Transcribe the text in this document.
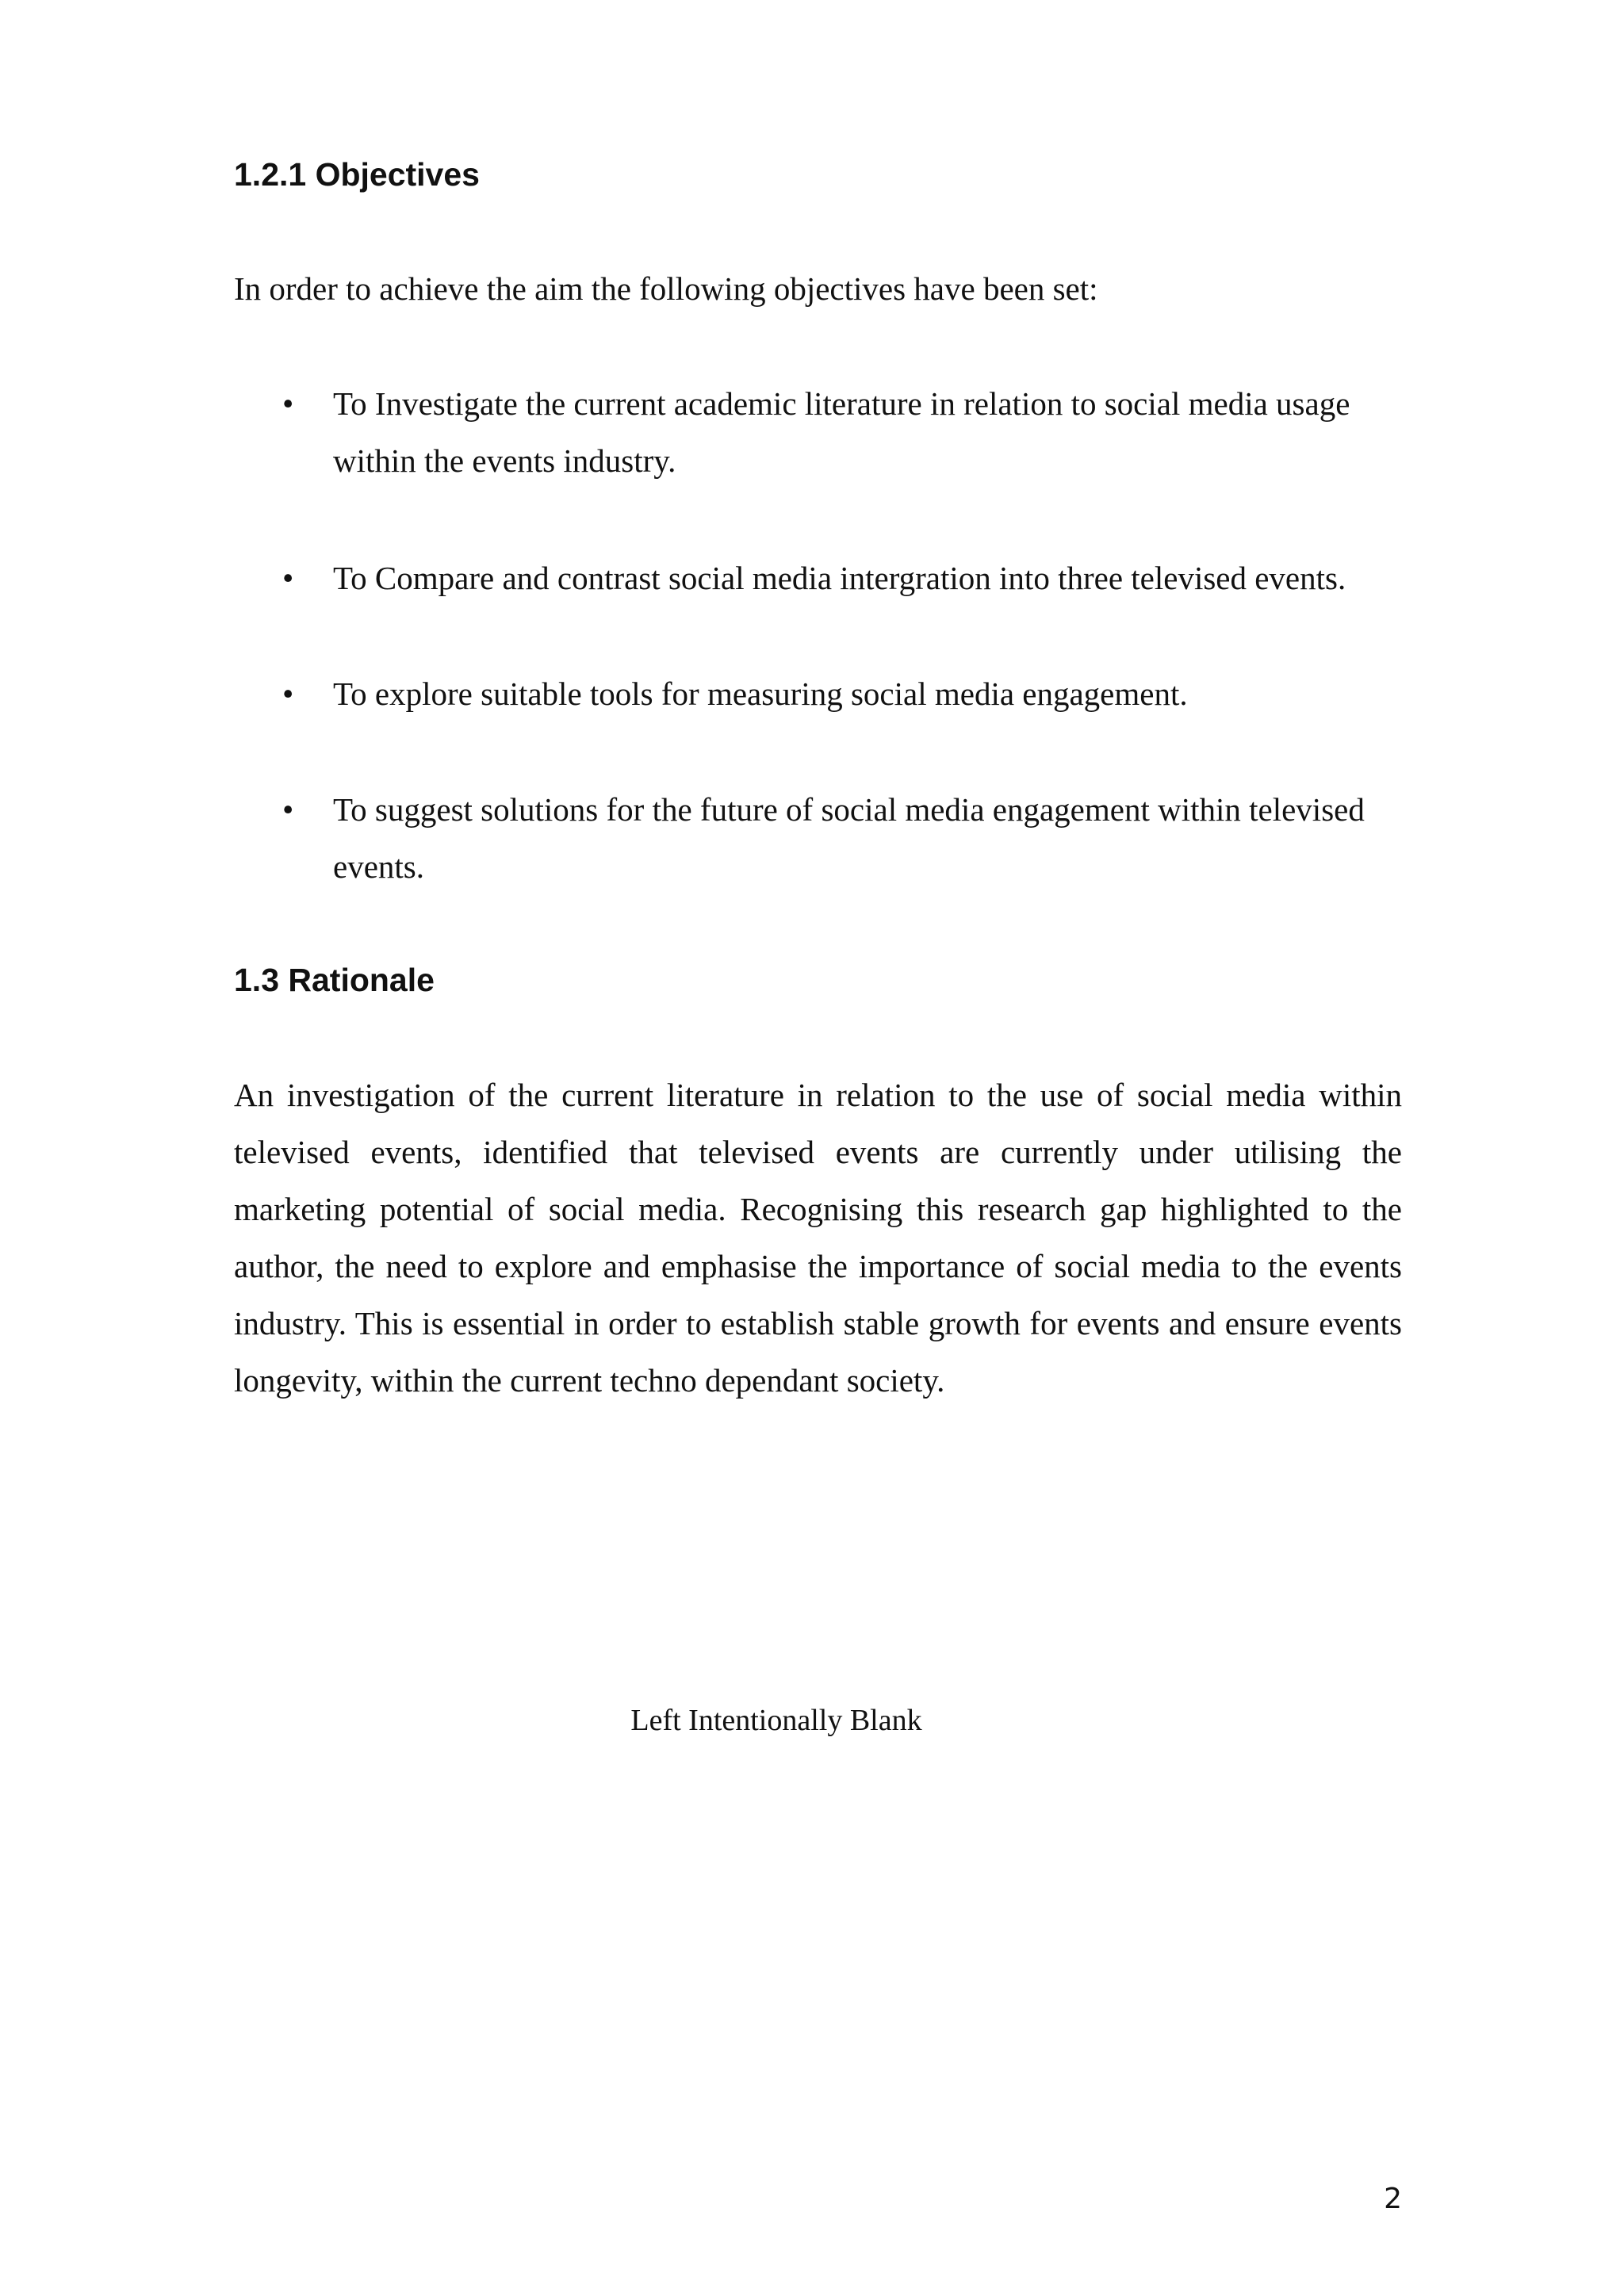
1.2.1 Objectives

In order to achieve the aim the following objectives have been set:

• To Investigate the current academic literature in relation to social media usage within the events industry.
• To Compare and contrast social media intergration into three televised events.
• To explore suitable tools for measuring social media engagement.
• To suggest solutions for the future of social media engagement within televised events.
1.3 Rationale

An investigation of the current literature in relation to the use of social media within televised events, identified that televised events are currently under utilising the marketing potential of social media. Recognising this research gap highlighted to the author, the need to explore and emphasise the importance of social media to the events industry. This is essential in order to establish stable growth for events and ensure events longevity, within the current techno dependant society.

Left Intentionally Blank

2
